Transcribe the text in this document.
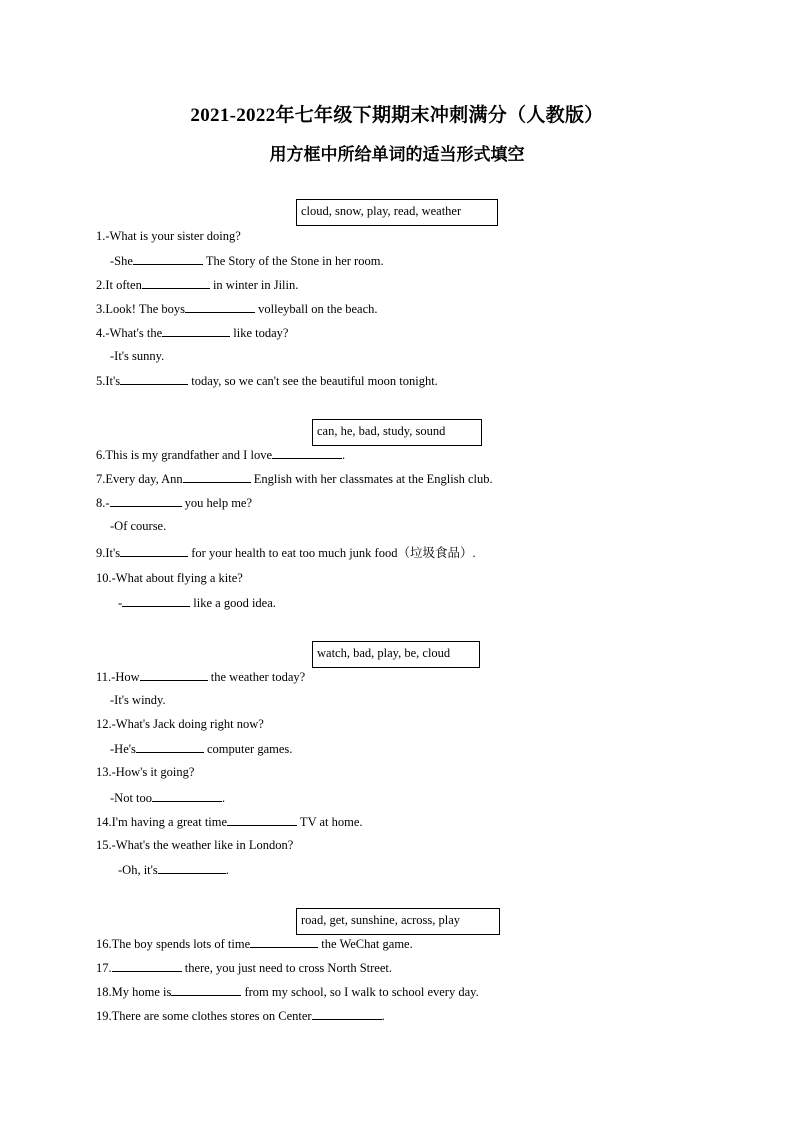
2021-2022年七年级下期期末冲刺满分（人教版）
用方框中所给单词的适当形式填空
cloud, snow, play, read, weather
1.-What is your sister doing?
-She	The Story of the Stone in her room.
2.It often	in winter in Jilin.
3.Look! The boys	volleyball on the beach.
4.-What's the	like today?
-It's sunny.
5.It's	today, so we can't see the beautiful moon tonight.
can, he, bad, study, sound
6.This is my grandfather and I love	.
7.Every day, Ann	English with her classmates at the English club.
8.-	you help me?
-Of course.
9.It's	for your health to eat too much junk food（垃圾食品）.
10.-What about flying a kite?
-	like a good idea.
watch, bad, play, be, cloud
11.-How	the weather today?
-It's windy.
12.-What's Jack doing right now?
-He's	computer games.
13.-How's it going?
-Not too	.
14.I'm having a great time	TV at home.
15.-What's the weather like in London?
-Oh, it's	.
road, get, sunshine, across, play
16.The boy spends lots of time	the WeChat game.
17.	there, you just need to cross North Street.
18.My home is	from my school, so I walk to school every day.
19.There are some clothes stores on Center	.
